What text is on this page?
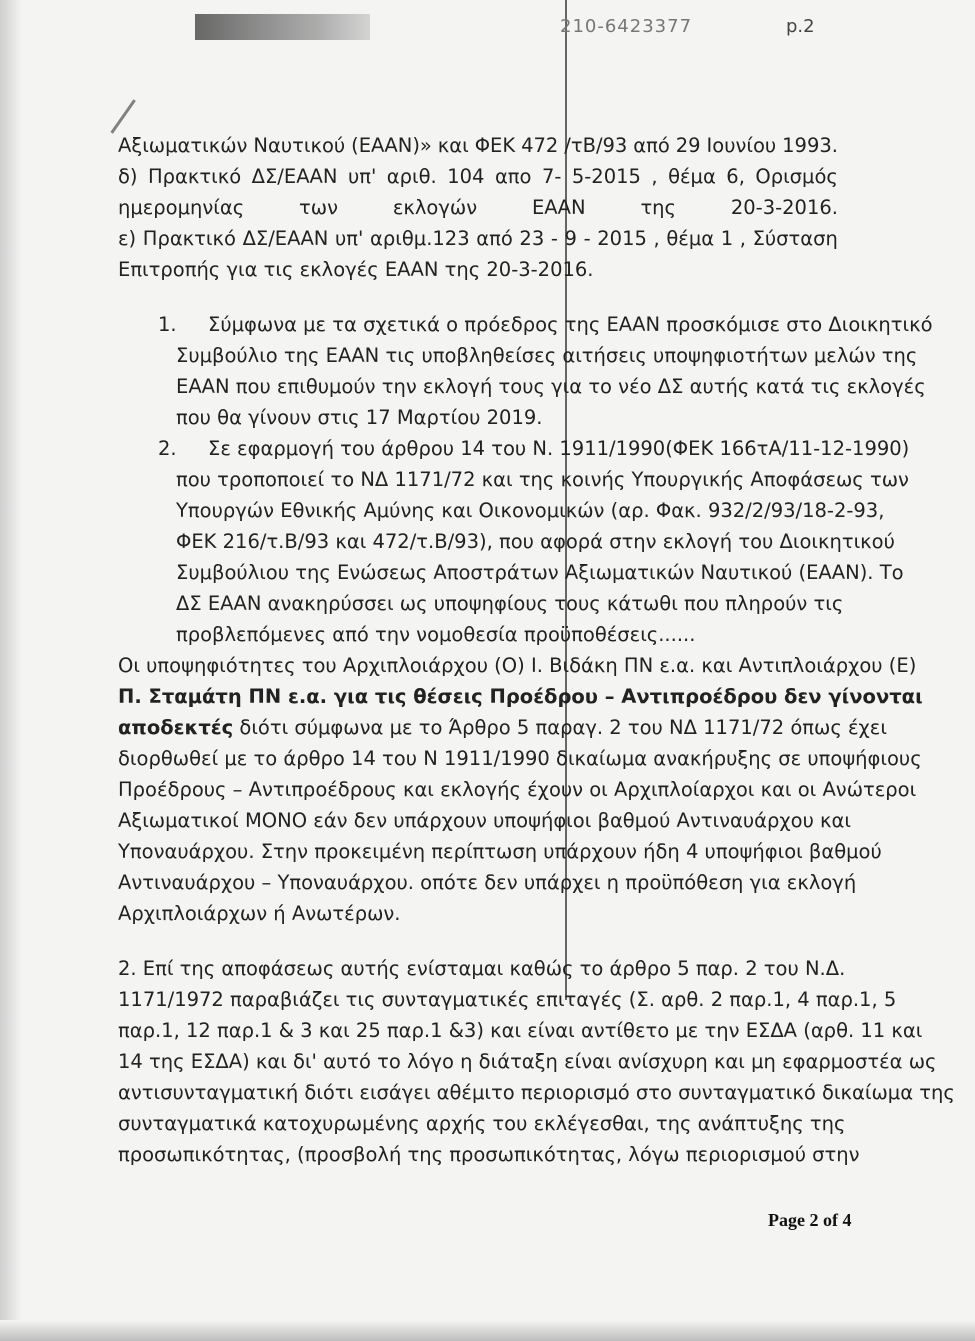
210-6423377	p.2
Αξιωματικών Ναυτικού (ΕΑΑΝ)» και ΦΕΚ 472 /τΒ/93 από 29 Ιουνίου 1993.
δ) Πρακτικό ΔΣ/ΕΑΑΝ υπ' αριθ. 104 απο 7- 5-2015 , θέμα 6, Ορισμός
ημερομηνίας	των	εκλογών	ΕΑΑΝ	της	20-3-2016.
ε) Πρακτικό ΔΣ/ΕΑΑΝ υπ' αριθμ.123 από 23 - 9 - 2015 , θέμα 1 , Σύσταση
Επιτροπής για τις εκλογές ΕΑΑΝ της 20-3-2016.
1.	Σύμφωνα με τα σχετικά ο πρόεδρος της ΕΑΑΝ προσκόμισε στο Διοικητικό
Συμβούλιο της ΕΑΑΝ τις υποβληθείσες αιτήσεις υποψηφιοτήτων μελών της
ΕΑΑΝ που επιθυμούν την εκλογή τους για το νέο ΔΣ αυτής κατά τις εκλογές
που θα γίνουν στις 17 Μαρτίου 2019.
2.	Σε εφαρμογή του άρθρου 14 του Ν. 1911/1990(ΦΕΚ 166τΑ/11-12-1990)
που τροποποιεί το ΝΔ 1171/72 και της κοινής Υπουργικής Αποφάσεως των
Υπουργών Εθνικής Αμύνης και Οικονομικών (αρ. Φακ. 932/2/93/18-2-93,
ΦΕΚ 216/τ.Β/93 και 472/τ.Β/93), που αφορά στην εκλογή του Διοικητικού
Συμβούλιου της Ενώσεως Αποστράτων Αξιωματικών Ναυτικού (ΕΑΑΝ). Το
ΔΣ ΕΑΑΝ ανακηρύσσει ως υποψηφίους τους κάτωθι που πληρούν τις
προβλεπόμενες από την νομοθεσία προϋποθέσεις......
Οι υποψηφιότητες του Αρχιπλοιάρχου (Ο) Ι. Βιδάκη ΠΝ ε.α. και Αντιπλοιάρχου (Ε)
Π. Σταμάτη ΠΝ ε.α. για τις θέσεις Προέδρου – Αντιπροέδρου δεν γίνονται
αποδεκτές διότι σύμφωνα με το Άρθρο 5 παραγ. 2 του ΝΔ 1171/72 όπως έχει
διορθωθεί με το άρθρο 14 του Ν 1911/1990 δικαίωμα ανακήρυξης σε υποψήφιους
Προέδρους – Αντιπροέδρους και εκλογής έχουν οι Αρχιπλοίαρχοι και οι Ανώτεροι
Αξιωματικοί ΜΟΝΟ εάν δεν υπάρχουν υποψήφιοι βαθμού Αντιναυάρχου και
Υποναυάρχου. Στην προκειμένη περίπτωση υπάρχουν ήδη 4 υποψήφιοι βαθμού
Αντιναυάρχου – Υποναυάρχου. οπότε δεν υπάρχει η προϋπόθεση για εκλογή
Αρχιπλοιάρχων ή Ανωτέρων.
2. Επί της αποφάσεως αυτής ενίσταμαι καθώς το άρθρο 5 παρ. 2 του Ν.Δ.
1171/1972 παραβιάζει τις συνταγματικές επιταγές (Σ. αρθ. 2 παρ.1, 4 παρ.1, 5
παρ.1, 12 παρ.1 & 3 και 25 παρ.1 &3) και είναι αντίθετο με την ΕΣΔΑ (αρθ. 11 και
14 της ΕΣΔΑ) και δι' αυτό το λόγο η διάταξη είναι ανίσχυρη και μη εφαρμοστέα ως
αντισυνταγματική διότι εισάγει αθέμιτο περιορισμό στο συνταγματικό δικαίωμα της
συνταγματικά κατοχυρωμένης αρχής του εκλέγεσθαι, της ανάπτυξης της
προσωπικότητας, (προσβολή της προσωπικότητας, λόγω περιορισμού στην
Page 2 of 4
